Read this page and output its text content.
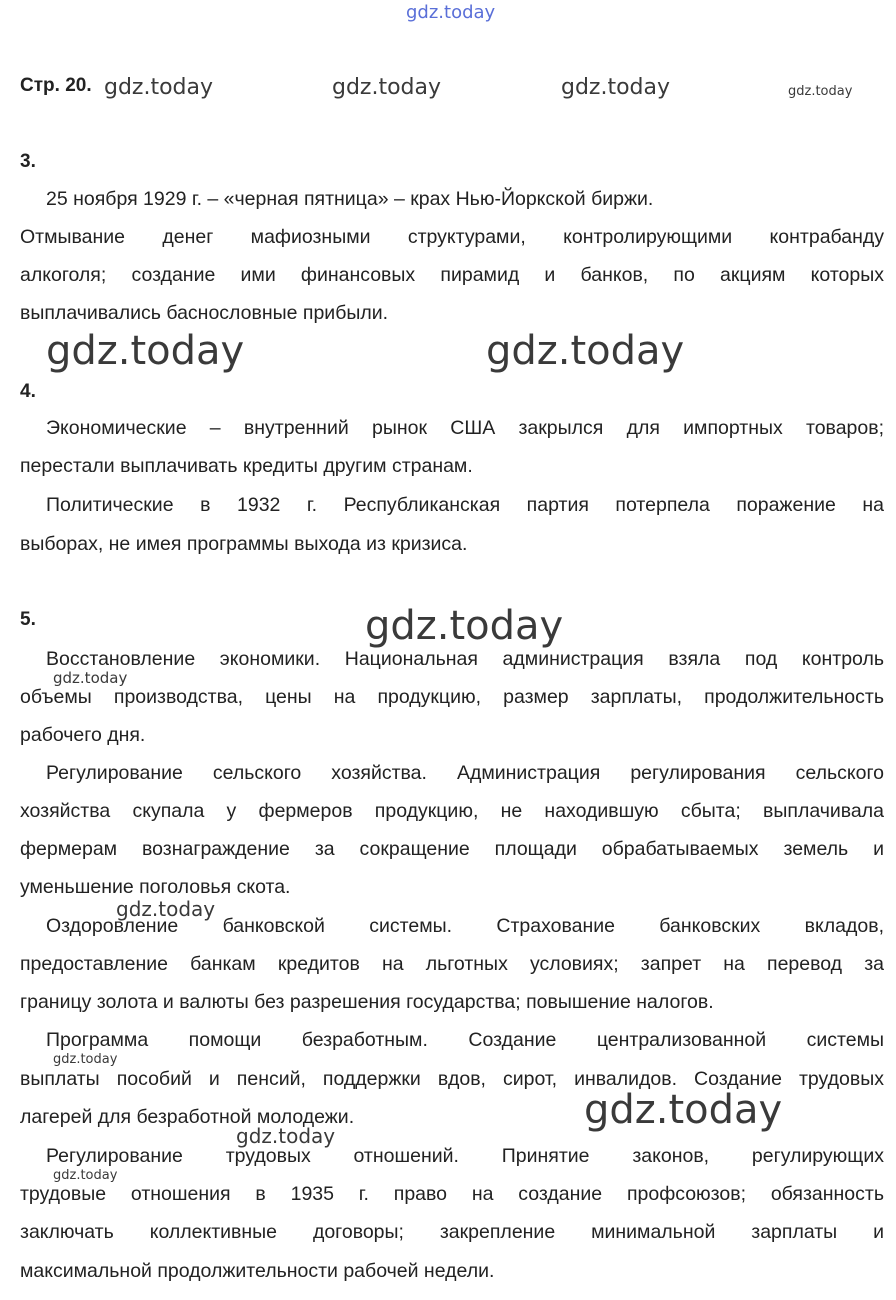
gdz.today
gdz.today	gdz.today	gdz.today	gdz.today
gdz.today	gdz.today
gdz.today
gdz.today
gdz.today
gdz.today
gdz.today
gdz.today
gdz.today
Стр. 20.
3.
25 ноября 1929 г. – «черная пятница» – крах Нью-Йоркской биржи.
Отмывание денег мафиозными структурами, контролирующими контрабанду
алкоголя; создание ими финансовых пирамид и банков, по акциям которых
выплачивались баснословные прибыли.
4.
Экономические – внутренний рынок США закрылся для импортных товаров;
перестали выплачивать кредиты другим странам.
Политические в 1932 г. Республиканская партия потерпела поражение на
выборах, не имея программы выхода из кризиса.
5.
Восстановление экономики. Национальная администрация взяла под контроль
объемы производства, цены на продукцию, размер зарплаты, продолжительность
рабочего дня.
Регулирование сельского хозяйства. Администрация регулирования сельского
хозяйства скупала у фермеров продукцию, не находившую сбыта; выплачивала
фермерам вознаграждение за сокращение площади обрабатываемых земель и
уменьшение поголовья скота.
Оздоровление банковской системы. Страхование банковских вкладов,
предоставление банкам кредитов на льготных условиях; запрет на перевод за
границу золота и валюты без разрешения государства; повышение налогов.
Программа помощи безработным. Создание централизованной системы
выплаты пособий и пенсий, поддержки вдов, сирот, инвалидов. Создание трудовых
лагерей для безработной молодежи.
Регулирование трудовых отношений. Принятие законов, регулирующих
трудовые отношения в 1935 г. право на создание профсоюзов; обязанность
заключать коллективные договоры; закрепление минимальной зарплаты и
максимальной продолжительности рабочей недели.
